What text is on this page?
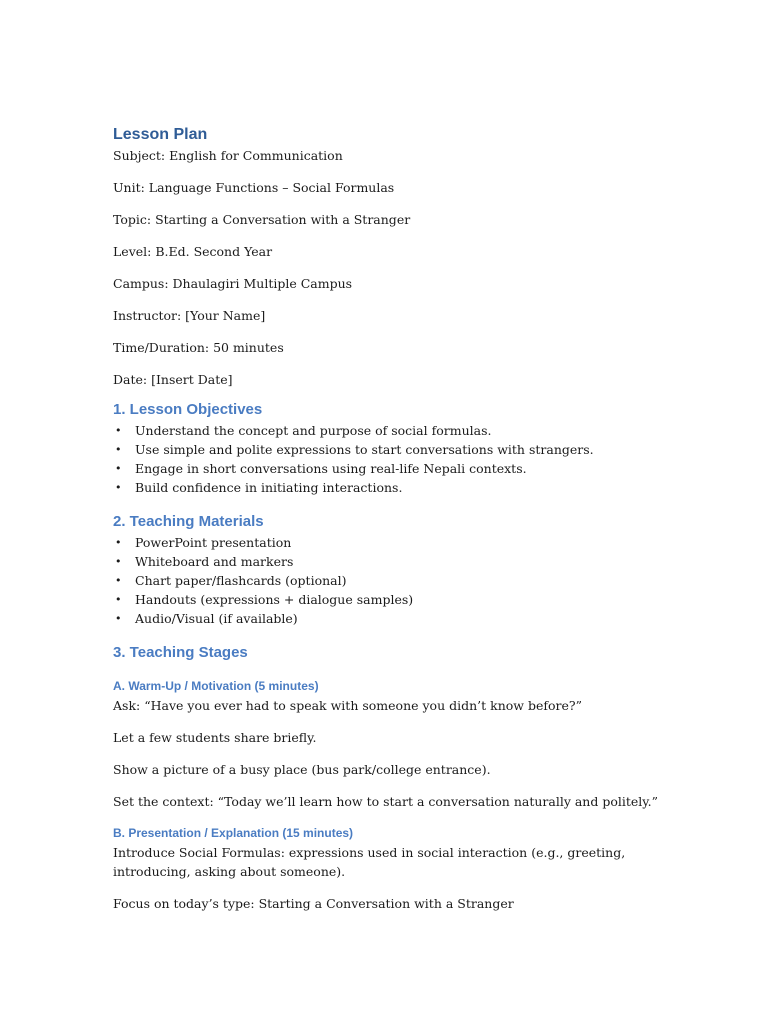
Lesson Plan

Subject: English for Communication

Unit: Language Functions – Social Formulas

Topic: Starting a Conversation with a Stranger

Level: B.Ed. Second Year

Campus: Dhaulagiri Multiple Campus

Instructor: [Your Name]

Time/Duration: 50 minutes

Date: [Insert Date]

1. Lesson Objectives
• Understand the concept and purpose of social formulas.
• Use simple and polite expressions to start conversations with strangers.
• Engage in short conversations using real-life Nepali contexts.
• Build confidence in initiating interactions.
2. Teaching Materials
• PowerPoint presentation
• Whiteboard and markers
• Chart paper/flashcards (optional)
• Handouts (expressions + dialogue samples)
• Audio/Visual (if available)
3. Teaching Stages
A. Warm-Up / Motivation (5 minutes)

Ask: “Have you ever had to speak with someone you didn’t know before?”

Let a few students share briefly.

Show a picture of a busy place (bus park/college entrance).

Set the context: “Today we’ll learn how to start a conversation naturally and politely.”

B. Presentation / Explanation (15 minutes)

Introduce Social Formulas: expressions used in social interaction (e.g., greeting, introducing, asking about someone).

Focus on today’s type: Starting a Conversation with a Stranger
